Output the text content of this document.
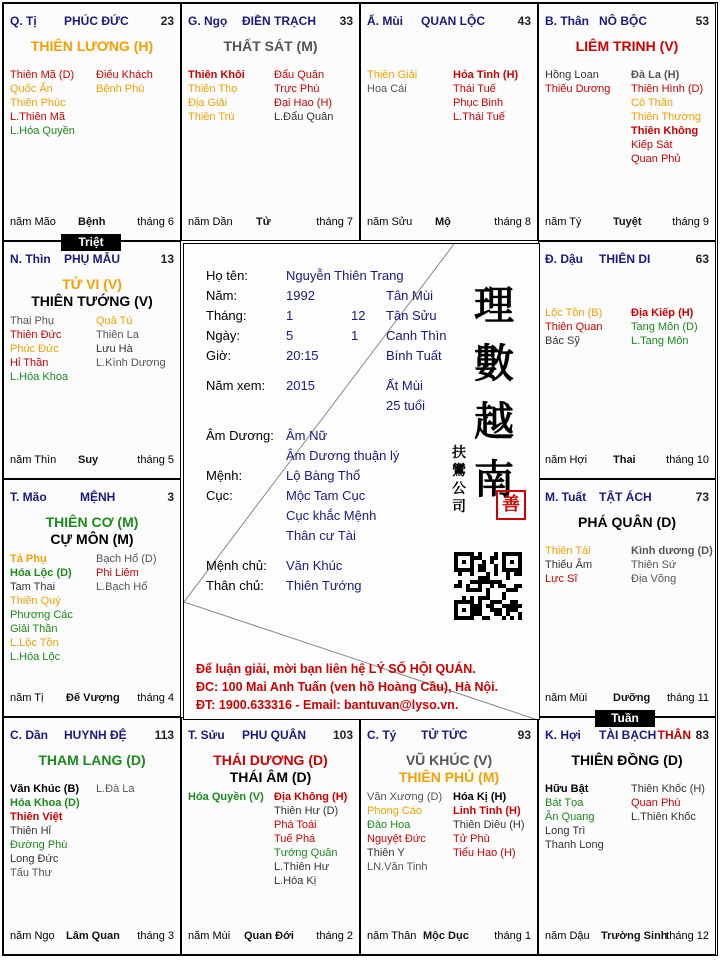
Q. Tị PHÚC ĐỨC	23
THIÊN LƯƠNG (H)
Thiên Mã (D)
Quốc Ấn
Thiên Phúc
L.Thiên Mã
L.Hóa Quyền
Điếu Khách
Bệnh Phù
năm Mão Bệnh	tháng 6
G. Ngọ ĐIỀN TRẠCH 33
THẤT SÁT (M)
Thiên Khôi
Thiên Thọ
Địa Giải
Thiên Trù
Đẩu Quân
Trực Phù
Đại Hao (H)
L.Đẩu Quân
năm Dần Tử	tháng 7
Ấ. Mùi QUAN LỘC	43
Thiên Giải
Hoa Cái
Hỏa Tinh (H)
Thái Tuế
Phục Binh
L.Thái Tuế
năm Sửu Mộ	tháng 8
B. Thân NÔ BỘC	53
LIÊM TRINH (V)
Hồng Loan
Thiếu Dương
Đà La (H)
Thiên Hình (D)
Cô Thần
Thiên Thương
Thiên Không
Kiếp Sát
Quan Phủ
năm Tý	Tuyệt	tháng 9
N. Thìn PHỤ MẪU	13
TỬ VI (V)
THIÊN TƯỚNG (V)
Thai Phụ
Thiên Đức
Phúc Đức
Hỉ Thần
L.Hóa Khoa
Quả Tú
Thiên La
Lưu Hà
L.Kình Dương
năm Thìn Suy	tháng 5
Đ. Dậu THIÊN DI	63
Lộc Tồn (B)
Thiên Quan
Bác Sỹ
Địa Kiếp (H)
Tang Môn (D)
L.Tang Môn
năm Hợi Thai	tháng 10
T. Mão	MỆNH	3
THIÊN CƠ (M)
CỰ MÔN (M)
Tả Phụ
Hóa Lộc (D)
Tam Thai
Thiên Quý
Phượng Các
Giải Thần
L.Lộc Tồn
L.Hóa Lộc
Bạch Hổ (D)
Phi Liêm
L.Bạch Hổ
năm Tị Đế Vượng tháng 4
M. Tuất TẬT ÁCH	73
PHÁ QUÂN (D)
Thiên Tài
Thiếu Âm
Lực Sĩ
Kình dương (D)
Thiên Sứ
Địa Võng
năm Mùi Dưỡng tháng 11
C. Dần HUYNH ĐỆ 113
THAM LANG (D)
Văn Khúc (B)
Hóa Khoa (D)
Thiên Việt
Thiên Hỉ
Đường Phù
Long Đức
Tấu Thư
L.Đà La
năm Ngọ Lâm Quan tháng 3
T. Sửu PHU QUÂN 103
THÁI DƯƠNG (D)
THÁI ÂM (D)
Hóa Quyền (V) Địa Không (H)
Thiên Hư (D)
Phá Toái
Tuế Phá
Tướng Quân
L.Thiên Hư
L.Hóa Kị
năm Mùi Quan Đới tháng 2
C. Tý TỬ TỨC	93
VŨ KHÚC (V)
THIÊN PHỦ (M)
Văn Xương (D)
Phong Cáo
Đào Hoa
Nguyệt Đức
Thiên Y
LN.Văn Tinh
Hóa Kị (H)
Linh Tinh (H)
Thiên Diêu (H)
Tử Phù
Tiểu Hao (H)
năm Thân Mộc Dục tháng 1
K. Hợi TÀI BẠCH	83
THÂN
THIÊN ĐỒNG (D)
Hữu Bật
Bát Tọa
Ân Quang
Long Trì
Thanh Long
Thiên Khốc (H)
Quan Phù
L.Thiên Khốc
năm Dậu Trường Sinh
tháng 12
Họ tên:	Nguyễn Thiên Trang
Năm:	1992	Tân Mùi
Tháng:	1	12 Tân Sửu
Ngày:	5	1 Canh Thìn
Giờ:	20:15	Bính Tuất
Năm xem: 2015	Ất Mùi
25 tuổi
Âm Dương: Âm Nữ
Âm Dương thuận lý
Mệnh:	Lộ Bàng Thổ
Cục:	Mộc Tam Cục
Cục khắc Mệnh
Thân cư Tài
Mệnh chủ: Văn Khúc
Thân chủ: Thiên Tướng
理
數
越
南
扶鸞公司	善
Để luận giải, mời bạn liên hệ LÝ SỐ HỘI QUÁN.
ĐC: 100 Mai Anh Tuấn (ven hồ Hoàng Cầu), Hà Nội.
ĐT: 1900.633316 - Email: bantuvan@lyso.vn.
Triệt
Tuần
